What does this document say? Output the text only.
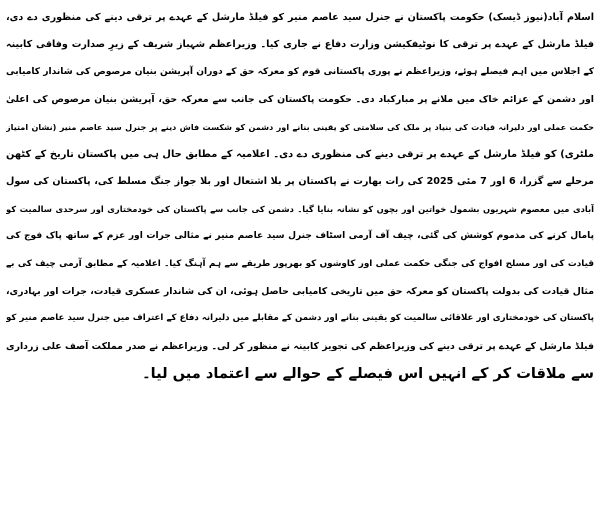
اسلام آباد(نیوز ڈیسک) حکومت پاکستان نے جنرل سید عاصم منیر کو فیلڈ مارشل کے عہدے پر ترقی دینے کی منظوری دے دی،
فیلڈ مارشل کے عہدے پر ترقی کا نوٹیفکیشن وزارت دفاع نے جاری کیا۔ وزیراعظم شہباز شریف کے زیرِ صدارت وفاقی کابینہ
کے اجلاس میں اہم فیصلے ہوئے، وزیراعظم نے پوری پاکستانی قوم کو معرکہ حق کے دوران آپریشن بنیان مرصوص کی شاندار کامیابی
اور دشمن کے عزائم خاک میں ملانے پر مبارکباد دی۔ حکومت پاکستان کی جانب سے معرکہ حق، آپریشن بنیان مرصوص کی اعلیٰ
حکمت عملی اور دلیرانہ قیادت کی بنیاد پر ملک کی سلامتی کو یقینی بنانے اور دشمن کو شکست فاش دینے پر جنرل سید عاصم منیر (نشان امتیاز
ملٹری) کو فیلڈ مارشل کے عہدے پر ترقی دینے کی منظوری دے دی۔ اعلامیہ کے مطابق حال ہی میں پاکستان تاریخ کے کٹھن
مرحلے سے گزرا، 6 اور 7 مئی 2025 کی رات بھارت نے پاکستان پر بلا اشتعال اور بلا جواز جنگ مسلط کی، پاکستان کی سول
آبادی میں معصوم شہریوں بشمول خواتین اور بچوں کو نشانہ بنایا گیا۔ دشمن کی جانب سے پاکستان کی خودمختاری اور سرحدی سالمیت کو
پامال کرنے کی مذموم کوشش کی گئی، چیف آف آرمی اسٹاف جنرل سید عاصم منیر نے مثالی جرات اور عزم کے ساتھ پاک فوج کی
قیادت کی اور مسلح افواج کی جنگی حکمت عملی اور کاوشوں کو بھرپور طریقے سے ہم آہنگ کیا۔ اعلامیہ کے مطابق آرمی چیف کی بے
مثال قیادت کی بدولت پاکستان کو معرکہ حق میں تاریخی کامیابی حاصل ہوئی، ان کی شاندار عسکری قیادت، جرات اور بہادری،
پاکستان کی خودمختاری اور علاقائی سالمیت کو یقینی بنانے اور دشمن کے مقابلے میں دلیرانہ دفاع کے اعتراف میں جنرل سید عاصم منیر کو
فیلڈ مارشل کے عہدے پر ترقی دینے کی وزیراعظم کی تجویز کابینہ نے منظور کر لی۔ وزیراعظم نے صدر مملکت آصف علی زرداری
سے ملاقات کر کے انہیں اس فیصلے کے حوالے سے اعتماد میں لیا۔
